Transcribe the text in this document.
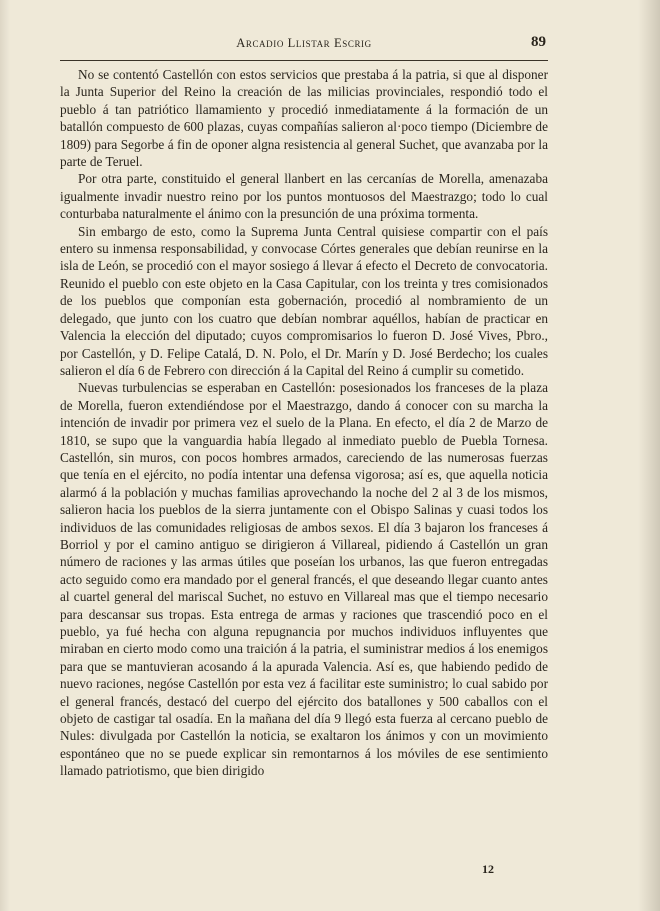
Arcadio Llistar Escrig	89

No se contentó Castellón con estos servicios que prestaba á la patria, si que al disponer la Junta Superior del Reino la creación de las milicias provinciales, respondió todo el pueblo á tan patriótico llamamiento y procedió inmediatamente á la formación de un batallón compuesto de 600 plazas, cuyas compañías salieron al·poco tiempo (Diciembre de 1809) para Segorbe á fin de oponer algna resistencia al general Suchet, que avanzaba por la parte de Teruel.

Por otra parte, constituido el general llanbert en las cercanías de Morella, amenazaba igualmente invadir nuestro reino por los puntos montuosos del Maestrazgo; todo lo cual conturbaba naturalmente el ánimo con la presunción de una próxima tormenta.

Sin embargo de esto, como la Suprema Junta Central quisiese compartir con el país entero su inmensa responsabilidad, y convocase Córtes generales que debían reunirse en la isla de León, se procedió con el mayor sosiego á llevar á efecto el Decreto de convocatoria. Reunido el pueblo con este objeto en la Casa Capitular, con los treinta y tres comisionados de los pueblos que componían esta gobernación, procedió al nombramiento de un delegado, que junto con los cuatro que debían nombrar aquéllos, habían de practicar en Valencia la elección del diputado; cuyos compromisarios lo fueron D. José Vives, Pbro., por Castellón, y D. Felipe Catalá, D. N. Polo, el Dr. Marín y D. José Berdecho; los cuales salieron el día 6 de Febrero con dirección á la Capital del Reino á cumplir su cometido.

Nuevas turbulencias se esperaban en Castellón: posesionados los franceses de la plaza de Morella, fueron extendiéndose por el Maestrazgo, dando á conocer con su marcha la intención de invadir por primera vez el suelo de la Plana. En efecto, el día 2 de Marzo de 1810, se supo que la vanguardia había llegado al inmediato pueblo de Puebla Tornesa. Castellón, sin muros, con pocos hombres armados, careciendo de las numerosas fuerzas que tenía en el ejército, no podía intentar una defensa vigorosa; así es, que aquella noticia alarmó á la población y muchas familias aprovechando la noche del 2 al 3 de los mismos, salieron hacia los pueblos de la sierra juntamente con el Obispo Salinas y cuasi todos los individuos de las comunidades religiosas de ambos sexos. El día 3 bajaron los franceses á Borriol y por el camino antiguo se dirigieron á Villareal, pidiendo á Castellón un gran número de raciones y las armas útiles que poseían los urbanos, las que fueron entregadas acto seguido como era mandado por el general francés, el que deseando llegar cuanto antes al cuartel general del mariscal Suchet, no estuvo en Villareal mas que el tiempo necesario para descansar sus tropas. Esta entrega de armas y raciones que trascendió poco en el pueblo, ya fué hecha con alguna repugnancia por muchos individuos influyentes que miraban en cierto modo como una traición á la patria, el suministrar medios á los enemigos para que se mantuvieran acosando á la apurada Valencia. Así es, que habiendo pedido de nuevo raciones, negóse Castellón por esta vez á facilitar este suministro; lo cual sabido por el general francés, destacó del cuerpo del ejército dos batallones y 500 caballos con el objeto de castigar tal osadía. En la mañana del día 9 llegó esta fuerza al cercano pueblo de Nules: divulgada por Castellón la noticia, se exaltaron los ánimos y con un movimiento espontáneo que no se puede explicar sin remontarnos á los móviles de ese sentimiento llamado patriotismo, que bien dirigido

12
